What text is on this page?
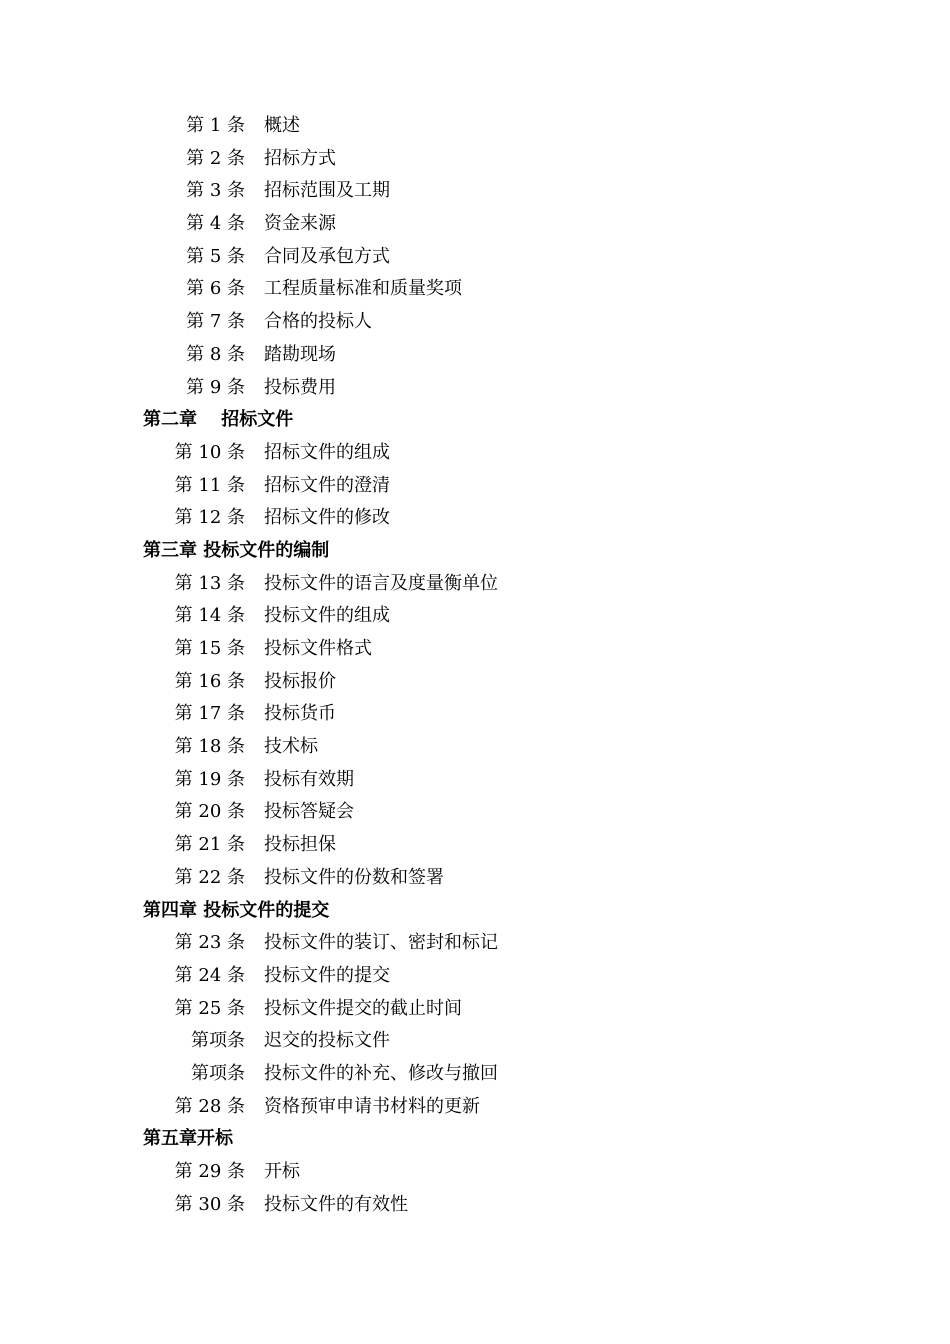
第 1 条 概述
第 2 条 招标方式
第 3 条 招标范围及工期
第 4 条 资金来源
第 5 条 合同及承包方式
第 6 条 工程质量标准和质量奖项
第 7 条 合格的投标人
第 8 条 踏勘现场
第 9 条 投标费用
第二章　 招标文件
第 10 条 招标文件的组成
第 11 条 招标文件的澄清
第 12 条 招标文件的修改
第三章 投标文件的编制
第 13 条 投标文件的语言及度量衡单位
第 14 条 投标文件的组成
第 15 条 投标文件格式
第 16 条 投标报价
第 17 条 投标货币
第 18 条 技术标
第 19 条 投标有效期
第 20 条 投标答疑会
第 21 条 投标担保
第 22 条 投标文件的份数和签署
第四章 投标文件的提交
第 23 条 投标文件的装订、密封和标记
第 24 条 投标文件的提交
第 25 条 投标文件提交的截止时间
第项条 迟交的投标文件
第项条 投标文件的补充、修改与撤回
第 28 条 资格预审申请书材料的更新
第五章开标
第 29 条 开标
第 30 条 投标文件的有效性
